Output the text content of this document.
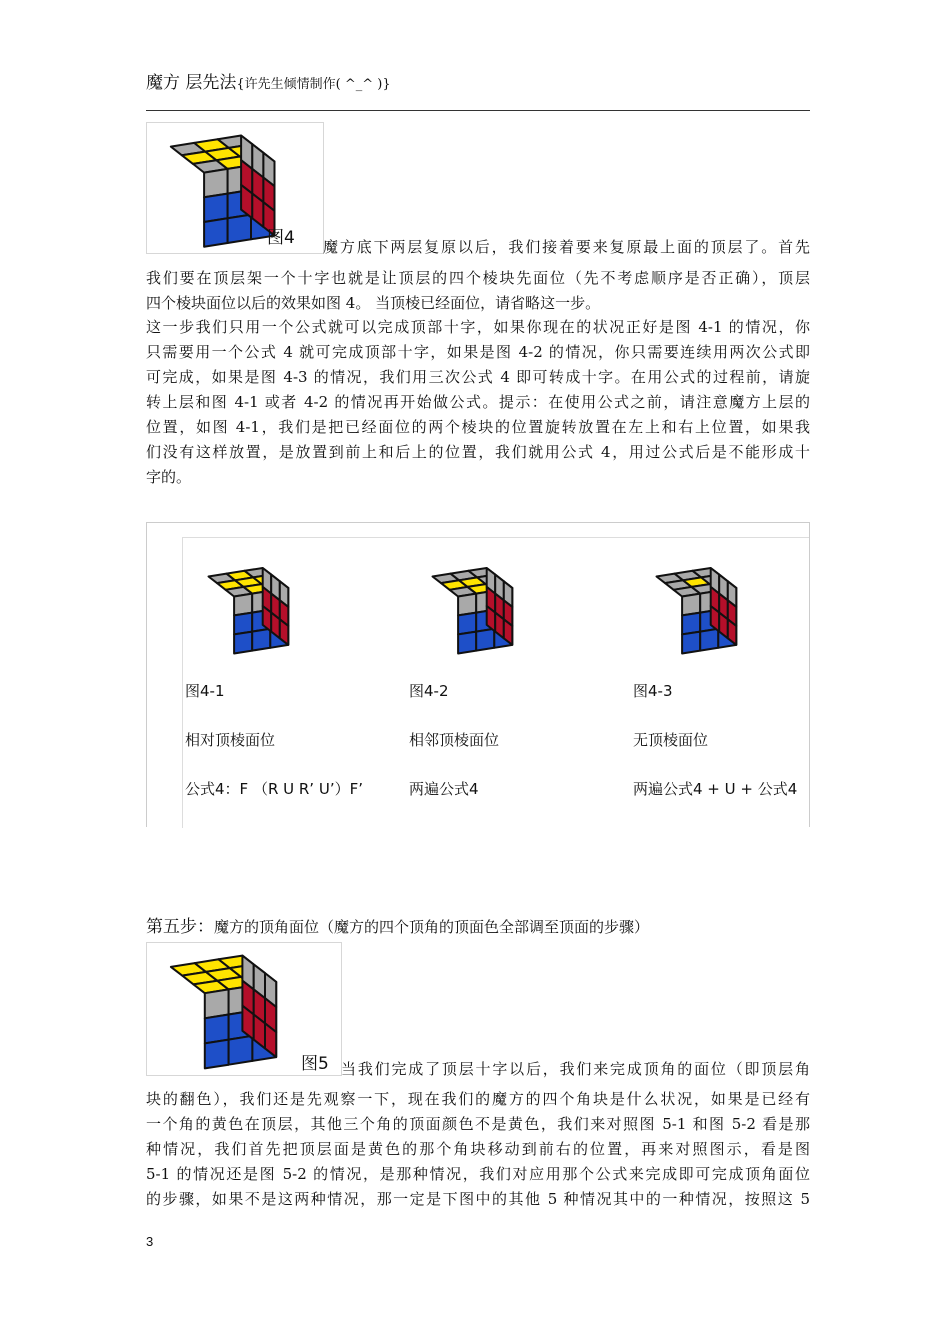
魔方 层先法{许先生倾情制作( ^_^ )}
图4 魔方底下两层复原以后，我们接着要来复原最上面的顶层了。首先
我们要在顶层架一个十字也就是让顶层的四个棱块先面位（先不考虑顺序是否正确），顶层
四个棱块面位以后的效果如图 4。 当顶棱已经面位，请省略这一步。
这一步我们只用一个公式就可以完成顶部十字，如果你现在的状况正好是图 4-1 的情况，你
只需要用一个公式 4 就可完成顶部十字，如果是图 4-2 的情况，你只需要连续用两次公式即
可完成，如果是图 4-3 的情况，我们用三次公式 4 即可转成十字。在用公式的过程前，请旋
转上层和图 4-1 或者 4-2 的情况再开始做公式。提示：在使用公式之前，请注意魔方上层的
位置，如图 4-1，我们是把已经面位的两个棱块的位置旋转放置在左上和右上位置，如果我
们没有这样放置，是放置到前上和后上的位置，我们就用公式 4，用过公式后是不能形成十
字的。
图4-1
相对顶棱面位
公式4：F （R U R’ U’）F’
图4-2
相邻顶棱面位
两遍公式4
图4-3
无顶棱面位
两遍公式4 + U + 公式4
第五步：魔方的顶角面位（魔方的四个顶角的顶面色全部调至顶面的步骤）
图5 当我们完成了顶层十字以后，我们来完成顶角的面位（即顶层角
块的翻色），我们还是先观察一下，现在我们的魔方的四个角块是什么状况，如果是已经有
一个角的黄色在顶层，其他三个角的顶面颜色不是黄色，我们来对照图 5-1 和图 5-2 看是那
种情况，我们首先把顶层面是黄色的那个角块移动到前右的位置，再来对照图示，看是图
5-1 的情况还是图 5-2 的情况，是那种情况，我们对应用那个公式来完成即可完成顶角面位
的步骤，如果不是这两种情况，那一定是下图中的其他 5 种情况其中的一种情况，按照这 5
3
